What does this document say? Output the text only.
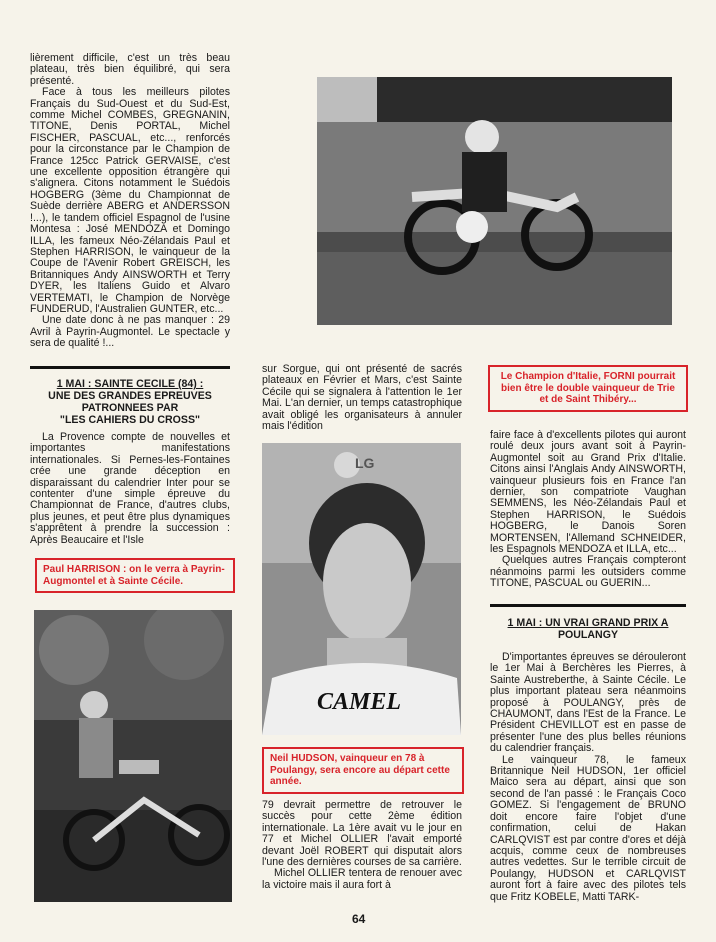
lièrement difficile, c'est un très beau plateau, très bien équilibré, qui sera présenté.

Face à tous les meilleurs pilotes Français du Sud-Ouest et du Sud-Est, comme Michel COMBES, GREGNANIN, TITONE, Denis PORTAL, Michel FISCHER, PASCUAL, etc..., renforcés pour la circonstance par le Champion de France 125cc Patrick GERVAISE, c'est une excellente opposition étrangère qui s'alignera. Citons notamment le Suédois HOGBERG (3ème du Championnat de Suède derrière ABERG et ANDERSSON !...), le tandem officiel Espagnol de l'usine Montesa : José MENDOZA et Domingo ILLA, les fameux Néo-Zélandais Paul et Stephen HARRISON, le vainqueur de la Coupe de l'Avenir Robert GREISCH, les Britanniques Andy AINSWORTH et Terry DYER, les Italiens Guido et Alvaro VERTEMATI, le Champion de Norvège FUNDERUD, l'Australien GUNTER, etc...

Une date donc à ne pas manquer : 29 Avril à Payrin-Augmontel. Le spectacle y sera de qualité !...

1 MAI : SAINTE CECILE (84) :
UNE DES GRANDES EPREUVES
PATRONNEES PAR
"LES CAHIERS DU CROSS"

La Provence compte de nouvelles et importantes manifestations internationales. Si Pernes-les-Fontaines crée une grande déception en disparaissant du calendrier Inter pour se contenter d'une simple épreuve du Championnat de France, d'autres clubs, plus jeunes, et peut être plus dynamiques s'apprêtent à prendre la succession : Après Beaucaire et l'Isle

Paul HARRISON : on le verra à Payrin-Augmontel et à Sainte Cécile.

sur Sorgue, qui ont présenté de sacrés plateaux en Février et Mars, c'est Sainte Cécile qui se signalera à l'attention le 1er Mai. L'an dernier, un temps catastrophique avait obligé les organisateurs à annuler mais l'édition

LG
CAMEL
Neil HUDSON, vainqueur en 78 à Poulangy, sera encore au départ cette année.

79 devrait permettre de retrouver le succès pour cette 2ème édition internationale. La 1ère avait vu le jour en 77 et Michel OLLIER l'avait emporté devant Joël ROBERT qui disputait alors l'une des dernières courses de sa carrière.

Michel OLLIER tentera de renouer avec la victoire mais il aura fort à

Le Champion d'Italie, FORNI pourrait bien être le double vainqueur de Trie et de Saint Thibéry...

faire face à d'excellents pilotes qui auront roulé deux jours avant soit à Payrin-Augmontel soit au Grand Prix d'Italie. Citons ainsi l'Anglais Andy AINSWORTH, vainqueur plusieurs fois en France l'an dernier, son compatriote Vaughan SEMMENS, les Néo-Zélandais Paul et Stephen HARRISON, le Suédois HOGBERG, le Danois Soren MORTENSEN, l'Allemand SCHNEIDER, les Espagnols MENDOZA et ILLA, etc...

Quelques autres Français compteront néanmoins parmi les outsiders comme TITONE, PASCUAL ou GUERIN...

1 MAI : UN VRAI GRAND PRIX A
POULANGY

D'importantes épreuves se dérouleront le 1er Mai à Berchères les Pierres, à Sainte Austreberthe, à Sainte Cécile. Le plus important plateau sera néanmoins proposé à POULANGY, près de CHAUMONT, dans l'Est de la France. Le Président CHEVILLOT est en passe de présenter l'une des plus belles réunions du calendrier français.

Le vainqueur 78, le fameux Britannique Neil HUDSON, 1er officiel Maico sera au départ, ainsi que son second de l'an passé : le Français Coco GOMEZ. Si l'engagement de BRUNO doit encore faire l'objet d'une confirmation, celui de Hakan CARLQVIST est par contre d'ores et déjà acquis, comme ceux de nombreuses autres vedettes. Sur le terrible circuit de Poulangy, HUDSON et CARLQVIST auront fort à faire avec des pilotes tels que Fritz KOBELE, Matti TARK-

64
